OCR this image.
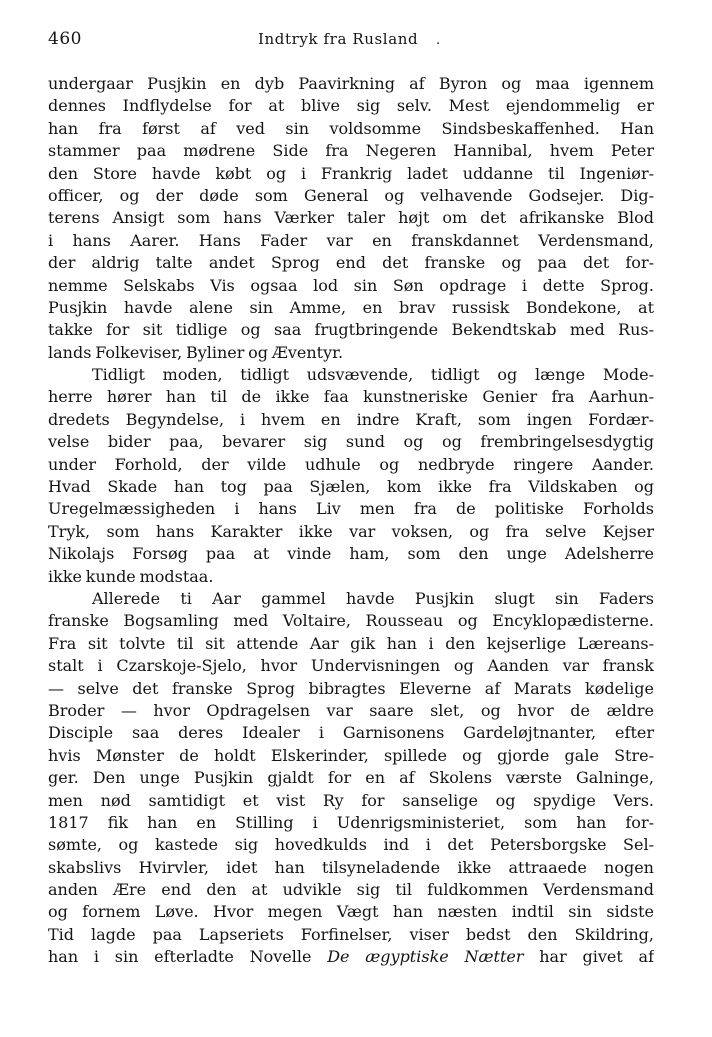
460	Indtryk fra Rusland .
undergaar Pusjkin en dyb Paavirkning af Byron og maa igennem
dennes Indflydelse for at blive sig selv. Mest ejendommelig er
han fra først af ved sin voldsomme Sindsbeskaffenhed. Han
stammer paa mødrene Side fra Negeren Hannibal, hvem Peter
den Store havde købt og i Frankrig ladet uddanne til Ingeniør-
officer, og der døde som General og velhavende Godsejer. Dig-
terens Ansigt som hans Værker taler højt om det afrikanske Blod
i hans Aarer. Hans Fader var en franskdannet Verdensmand,
der aldrig talte andet Sprog end det franske og paa det for-
nemme Selskabs Vis ogsaa lod sin Søn opdrage i dette Sprog.
Pusjkin havde alene sin Amme, en brav russisk Bondekone, at
takke for sit tidlige og saa frugtbringende Bekendtskab med Rus-
lands Folkeviser, Byliner og Æventyr.
Tidligt moden, tidligt udsvævende, tidligt og længe Mode-
herre hører han til de ikke faa kunstneriske Genier fra Aarhun-
dredets Begyndelse, i hvem en indre Kraft, som ingen Fordær-
velse bider paa, bevarer sig sund og og frembringelsesdygtig
under Forhold, der vilde udhule og nedbryde ringere Aander.
Hvad Skade han tog paa Sjælen, kom ikke fra Vildskaben og
Uregelmæssigheden i hans Liv men fra de politiske Forholds
Tryk, som hans Karakter ikke var voksen, og fra selve Kejser
Nikolajs Forsøg paa at vinde ham, som den unge Adelsherre
ikke kunde modstaa.
Allerede ti Aar gammel havde Pusjkin slugt sin Faders
franske Bogsamling med Voltaire, Rousseau og Encyklopædisterne.
Fra sit tolvte til sit attende Aar gik han i den kejserlige Læreans-
stalt i Czarskoje-Sjelo, hvor Undervisningen og Aanden var fransk
— selve det franske Sprog bibragtes Eleverne af Marats kødelige
Broder — hvor Opdragelsen var saare slet, og hvor de ældre
Disciple saa deres Idealer i Garnisonens Gardeløjtnanter, efter
hvis Mønster de holdt Elskerinder, spillede og gjorde gale Stre-
ger. Den unge Pusjkin gjaldt for en af Skolens værste Galninge,
men nød samtidigt et vist Ry for sanselige og spydige Vers.
1817 fik han en Stilling i Udenrigsministeriet, som han for-
sømte, og kastede sig hovedkulds ind i det Petersborgske Sel-
skabslivs Hvirvler, idet han tilsyneladende ikke attraaede nogen
anden Ære end den at udvikle sig til fuldkommen Verdensmand
og fornem Løve. Hvor megen Vægt han næsten indtil sin sidste
Tid lagde paa Lapseriets Forfinelser, viser bedst den Skildring,
han i sin efterladte Novelle De ægyptiske Nætter har givet af
